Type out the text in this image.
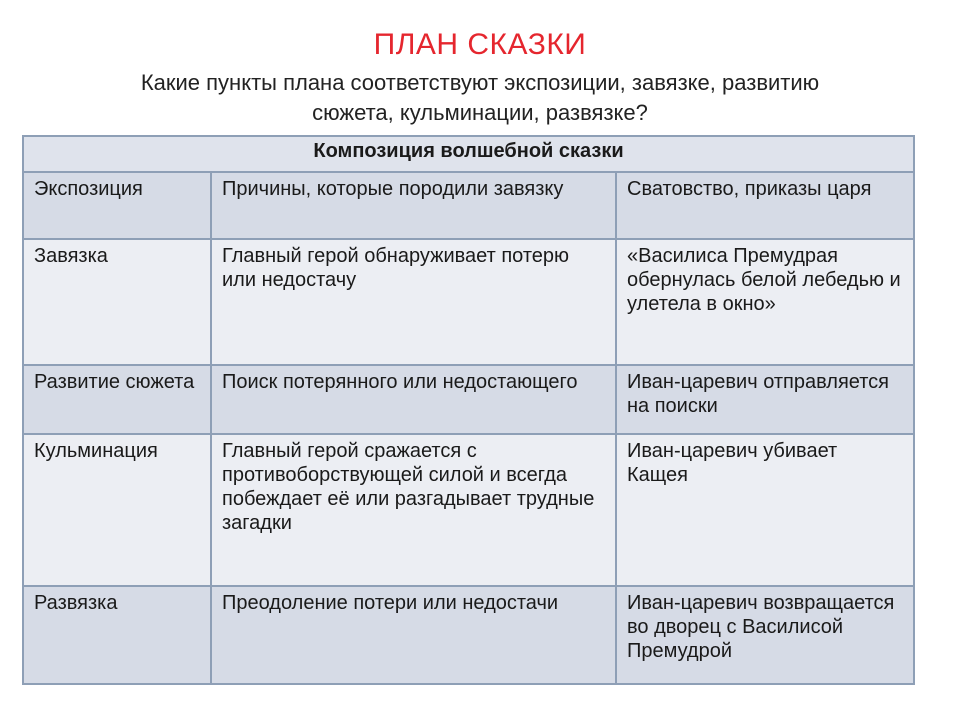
ПЛАН СКАЗКИ
Какие пункты плана соответствуют экспозиции, завязке, развитию
сюжета, кульминации, развязке?
Композиция волшебной сказки		
Экспозиция	Причины, которые породили завязку	Сватовство, приказы царя
Завязка	Главный герой обнаруживает потерю или недостачу	«Василиса Премудрая обернулась белой лебедью и улетела в окно»
Развитие сюжета	Поиск потерянного или недостающего	Иван-царевич отправляется на поиски
Кульминация	Главный герой сражается с противоборствующей силой и всегда побеждает её или разгадывает трудные загадки	Иван-царевич убивает Кащея
Развязка	Преодоление потери или недостачи	Иван-царевич возвращается во дворец с Василисой Премудрой
